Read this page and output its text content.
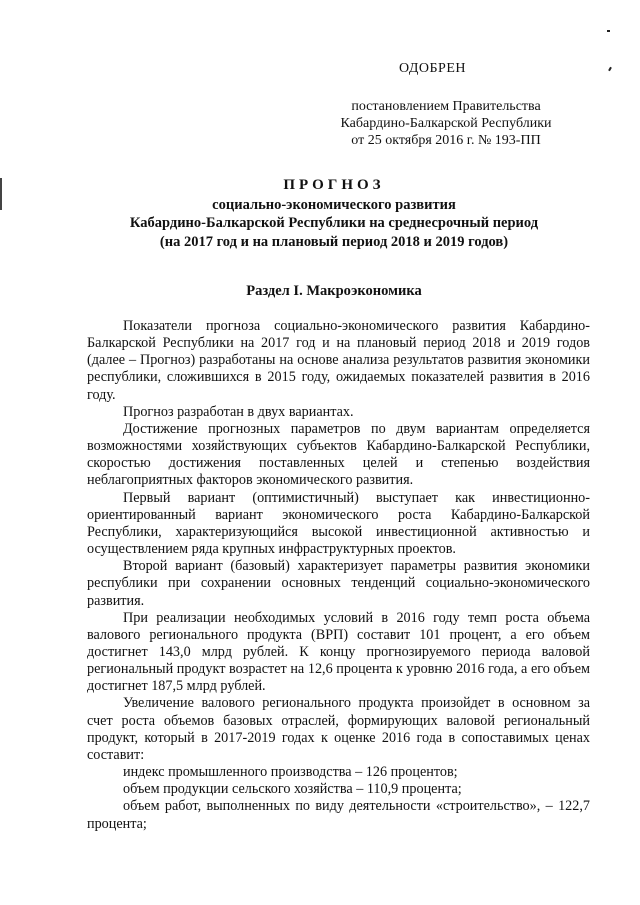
ОДОБРЕН
постановлением Правительства
Кабардино-Балкарской Республики
от 25 октября 2016 г. № 193-ПП
ПРОГНОЗ
социально-экономического развития
Кабардино-Балкарской Республики на среднесрочный период
(на 2017 год и на плановый период 2018 и 2019 годов)
Раздел I. Макроэкономика

Показатели прогноза социально-экономического развития Кабардино-Балкарской Республики на 2017 год и на плановый период 2018 и 2019 годов (далее – Прогноз) разработаны на основе анализа результатов развития экономики республики, сложившихся в 2015 году, ожидаемых показателей развития в 2016 году.

Прогноз разработан в двух вариантах.

Достижение прогнозных параметров по двум вариантам определяется возможностями хозяйствующих субъектов Кабардино-Балкарской Республики, скоростью достижения поставленных целей и степенью воздействия неблагоприятных факторов экономического развития.

Первый вариант (оптимистичный) выступает как инвестиционно-ориентированный вариант экономического роста Кабардино-Балкарской Республики, характеризующийся высокой инвестиционной активностью и осуществлением ряда крупных инфраструктурных проектов.

Второй вариант (базовый) характеризует параметры развития экономики республики при сохранении основных тенденций социально-экономического развития.

При реализации необходимых условий в 2016 году темп роста объема валового регионального продукта (ВРП) составит 101 процент, а его объем достигнет 143,0 млрд рублей. К концу прогнозируемого периода валовой региональный продукт возрастет на 12,6 процента к уровню 2016 года, а его объем достигнет 187,5 млрд рублей.

Увеличение валового регионального продукта произойдет в основном за счет роста объемов базовых отраслей, формирующих валовой региональный продукт, который в 2017-2019 годах к оценке 2016 года в сопоставимых ценах составит:

индекс промышленного производства – 126 процентов;

объем продукции сельского хозяйства – 110,9 процента;

объем работ, выполненных по виду деятельности «строительство», – 122,7 процента;
